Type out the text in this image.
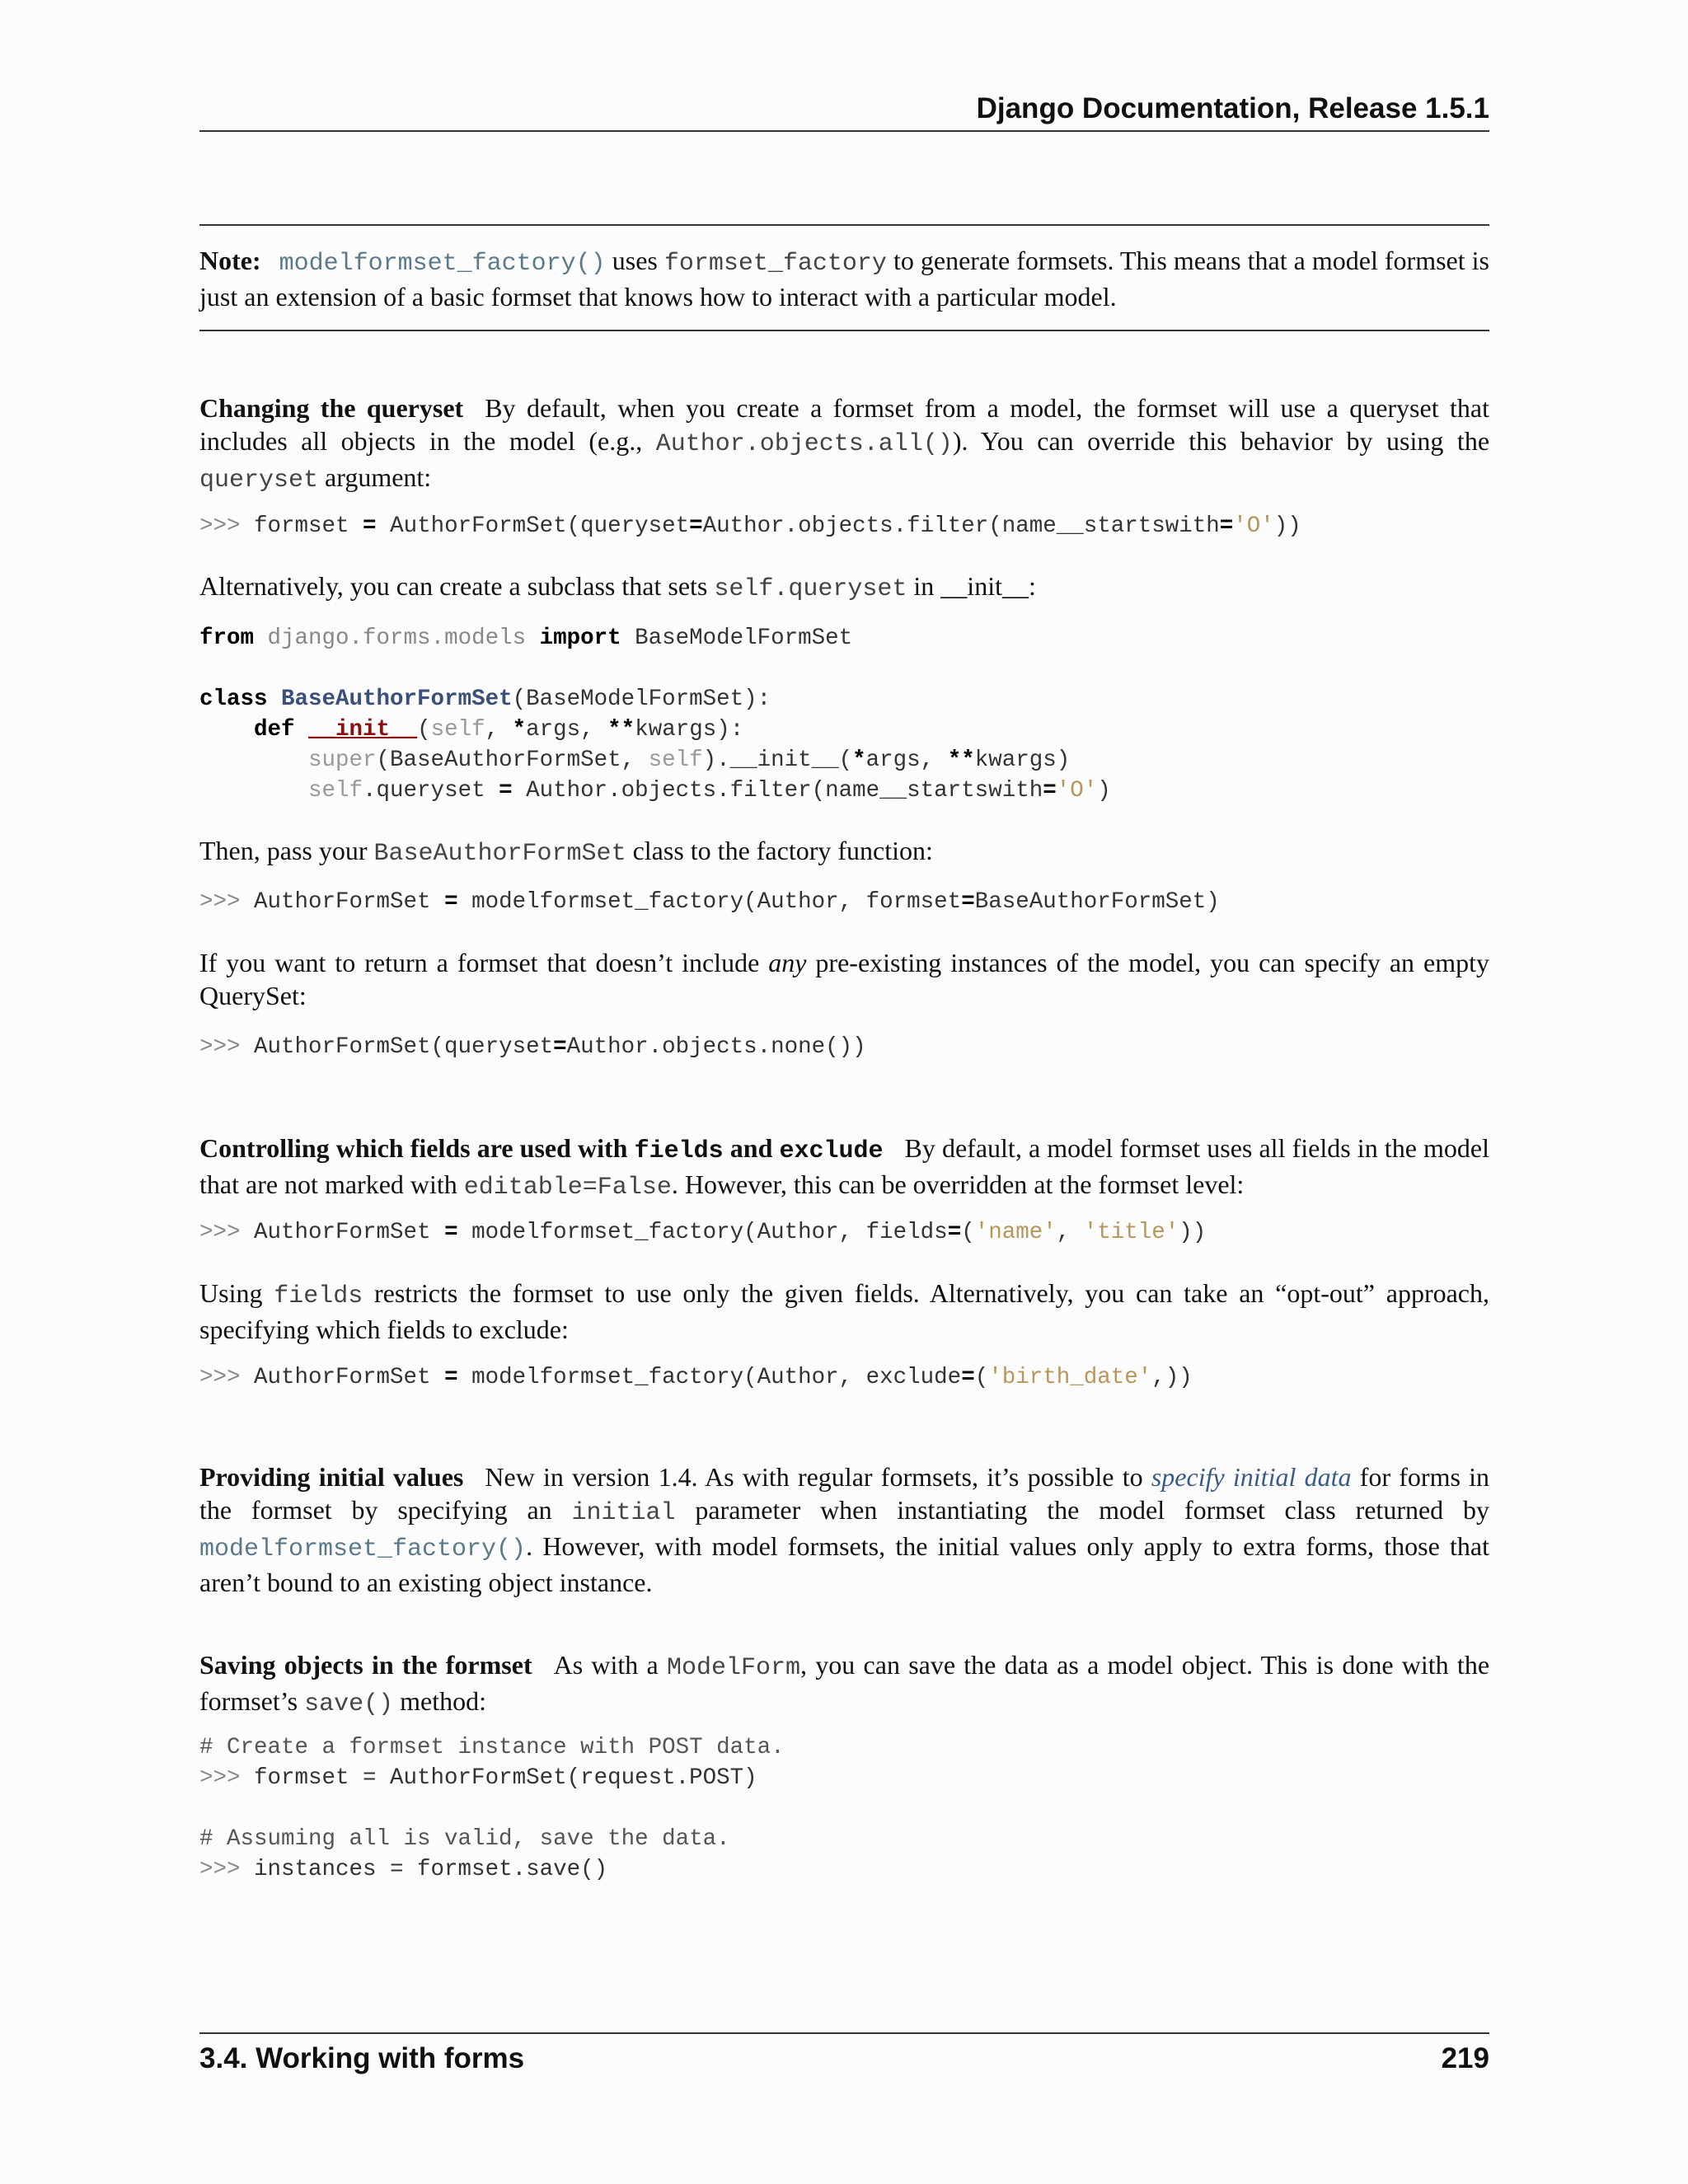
Django Documentation, Release 1.5.1

Note: modelformset_factory() uses formset_factory to generate formsets. This means that a model formset is just an extension of a basic formset that knows how to interact with a particular model.

Changing the queryset By default, when you create a formset from a model, the formset will use a queryset that includes all objects in the model (e.g., Author.objects.all()). You can override this behavior by using the queryset argument:

>>> formset = AuthorFormSet(queryset=Author.objects.filter(name__startswith='O'))

Alternatively, you can create a subclass that sets self.queryset in __init__:

from django.forms.models import BaseModelFormSet

class BaseAuthorFormSet(BaseModelFormSet):
def __init__(self, *args, **kwargs):
super(BaseAuthorFormSet, self).__init__(*args, **kwargs)
self.queryset = Author.objects.filter(name__startswith='O')

Then, pass your BaseAuthorFormSet class to the factory function:

>>> AuthorFormSet = modelformset_factory(Author, formset=BaseAuthorFormSet)

If you want to return a formset that doesn’t include any pre-existing instances of the model, you can specify an empty QuerySet:

>>> AuthorFormSet(queryset=Author.objects.none())

Controlling which fields are used with fields and exclude By default, a model formset uses all fields in the model that are not marked with editable=False. However, this can be overridden at the formset level:

>>> AuthorFormSet = modelformset_factory(Author, fields=('name', 'title'))

Using fields restricts the formset to use only the given fields. Alternatively, you can take an “opt-out” approach, specifying which fields to exclude:

>>> AuthorFormSet = modelformset_factory(Author, exclude=('birth_date',))

Providing initial values New in version 1.4. As with regular formsets, it’s possible to specify initial data for forms in the formset by specifying an initial parameter when instantiating the model formset class returned by modelformset_factory(). However, with model formsets, the initial values only apply to extra forms, those that aren’t bound to an existing object instance.

Saving objects in the formset As with a ModelForm, you can save the data as a model object. This is done with the formset’s save() method:

# Create a formset instance with POST data.
>>> formset = AuthorFormSet(request.POST)

# Assuming all is valid, save the data.
>>> instances = formset.save()
3.4. Working with forms	219
